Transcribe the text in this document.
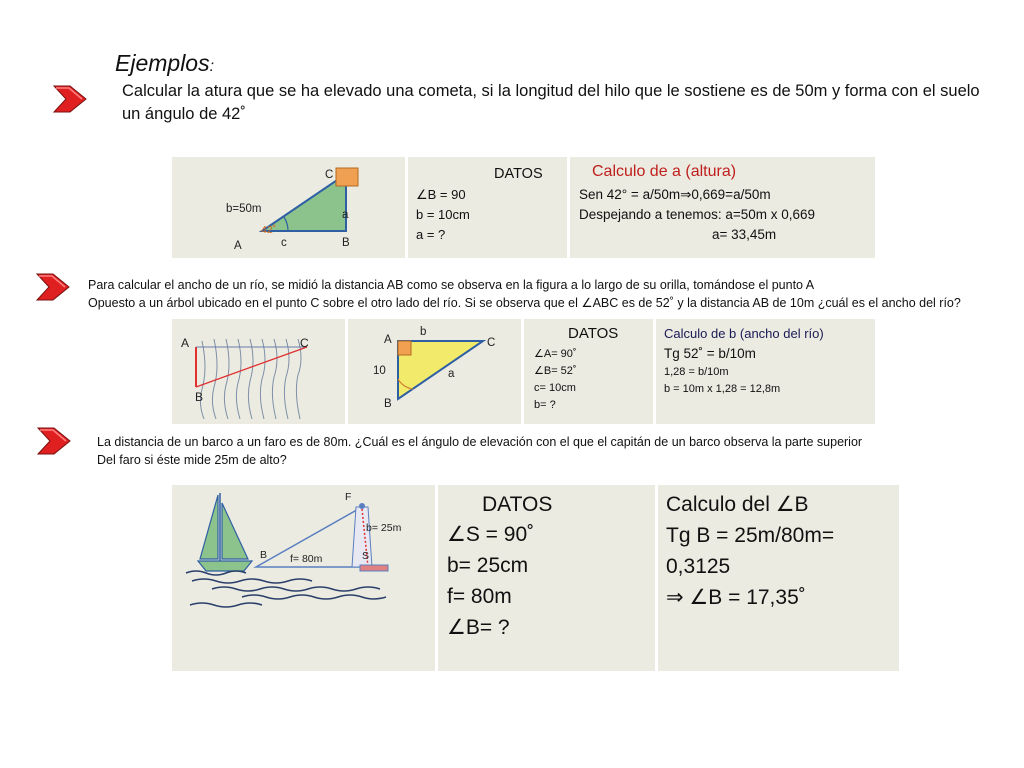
Ejemplos:
Calcular la atura que se ha elevado una cometa, si la longitud del hilo que le sostiene es de 50m y forma con el suelo un ángulo de 42˚
C
b=50m	a
42˚
A	c	B
DATOS
∠B = 90
b = 10cm
a = ?
Calculo de a (altura)
Sen 42° = a/50m⇒0,669=a/50m
Despejando a tenemos: a=50m x 0,669
a= 33,45m
Para calcular el ancho de un río, se midió la distancia AB como se observa en la figura a lo largo de su orilla, tomándose el punto A
Opuesto a un árbol ubicado en el punto C sobre el otro lado del río. Si se observa que el ∠ABC es de 52˚ y la distancia AB de 10m ¿cuál es el ancho del río?
A	C
B
A
b
C
10	a
B
DATOS
∠A= 90˚
∠B= 52˚
c= 10cm
b= ?
Calculo de b (ancho del río)
Tg 52˚ = b/10m
1,28 = b/10m
b = 10m x 1,28 = 12,8m
La distancia de un barco a un faro es de 80m. ¿Cuál es el ángulo de elevación con el que el capitán de un barco observa la parte superior
Del faro si éste mide 25m de alto?
F
b= 25m
B f= 80m	S
DATOS
∠S = 90˚
b= 25cm
f= 80m
∠B= ?
Calculo del ∠B
Tg B = 25m/80m=
0,3125
⇒ ∠B = 17,35˚
